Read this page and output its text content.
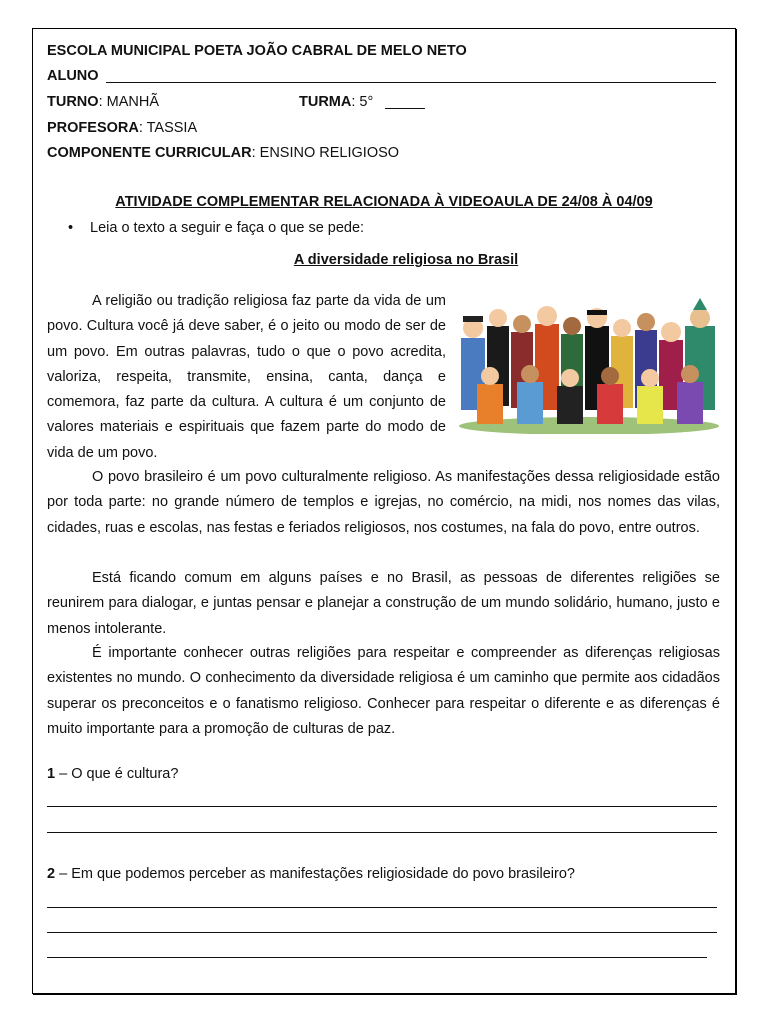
ESCOLA MUNICIPAL POETA JOÃO CABRAL DE MELO NETO
ALUNO
TURNO: MANHÃ	TURMA: 5°
PROFESORA: TASSIA
COMPONENTE CURRICULAR: ENSINO RELIGIOSO
ATIVIDADE COMPLEMENTAR RELACIONADA À VIDEOAULA DE 24/08 À 04/09
• Leia o texto a seguir e faça o que se pede:
A diversidade religiosa no Brasil
A religião ou tradição religiosa faz parte da vida de um povo. Cultura você já deve saber, é o jeito ou modo de ser de um povo. Em outras palavras, tudo o que o povo acredita, valoriza, respeita, transmite, ensina, canta, dança e comemora, faz parte da cultura. A cultura é um conjunto de valores materiais e espirituais que fazem parte do modo de vida de um povo.
O povo brasileiro é um povo culturalmente religioso. As manifestações dessa religiosidade estão por toda parte: no grande número de templos e igrejas, no comércio, na midi, nos nomes das vilas, cidades, ruas e escolas, nas festas e feriados religiosos, nos costumes, na fala do povo, entre outros.
Está ficando comum em alguns países e no Brasil, as pessoas de diferentes religiões se reunirem para dialogar, e juntas pensar e planejar a construção de um mundo solidário, humano, justo e menos intolerante.
É importante conhecer outras religiões para respeitar e compreender as diferenças religiosas existentes no mundo. O conhecimento da diversidade religiosa é um caminho que permite aos cidadãos superar os preconceitos e o fanatismo religioso. Conhecer para respeitar o diferente e as diferenças é muito importante para a promoção de culturas de paz.
1 – O que é cultura?
2 – Em que podemos perceber as manifestações religiosidade do povo brasileiro?
